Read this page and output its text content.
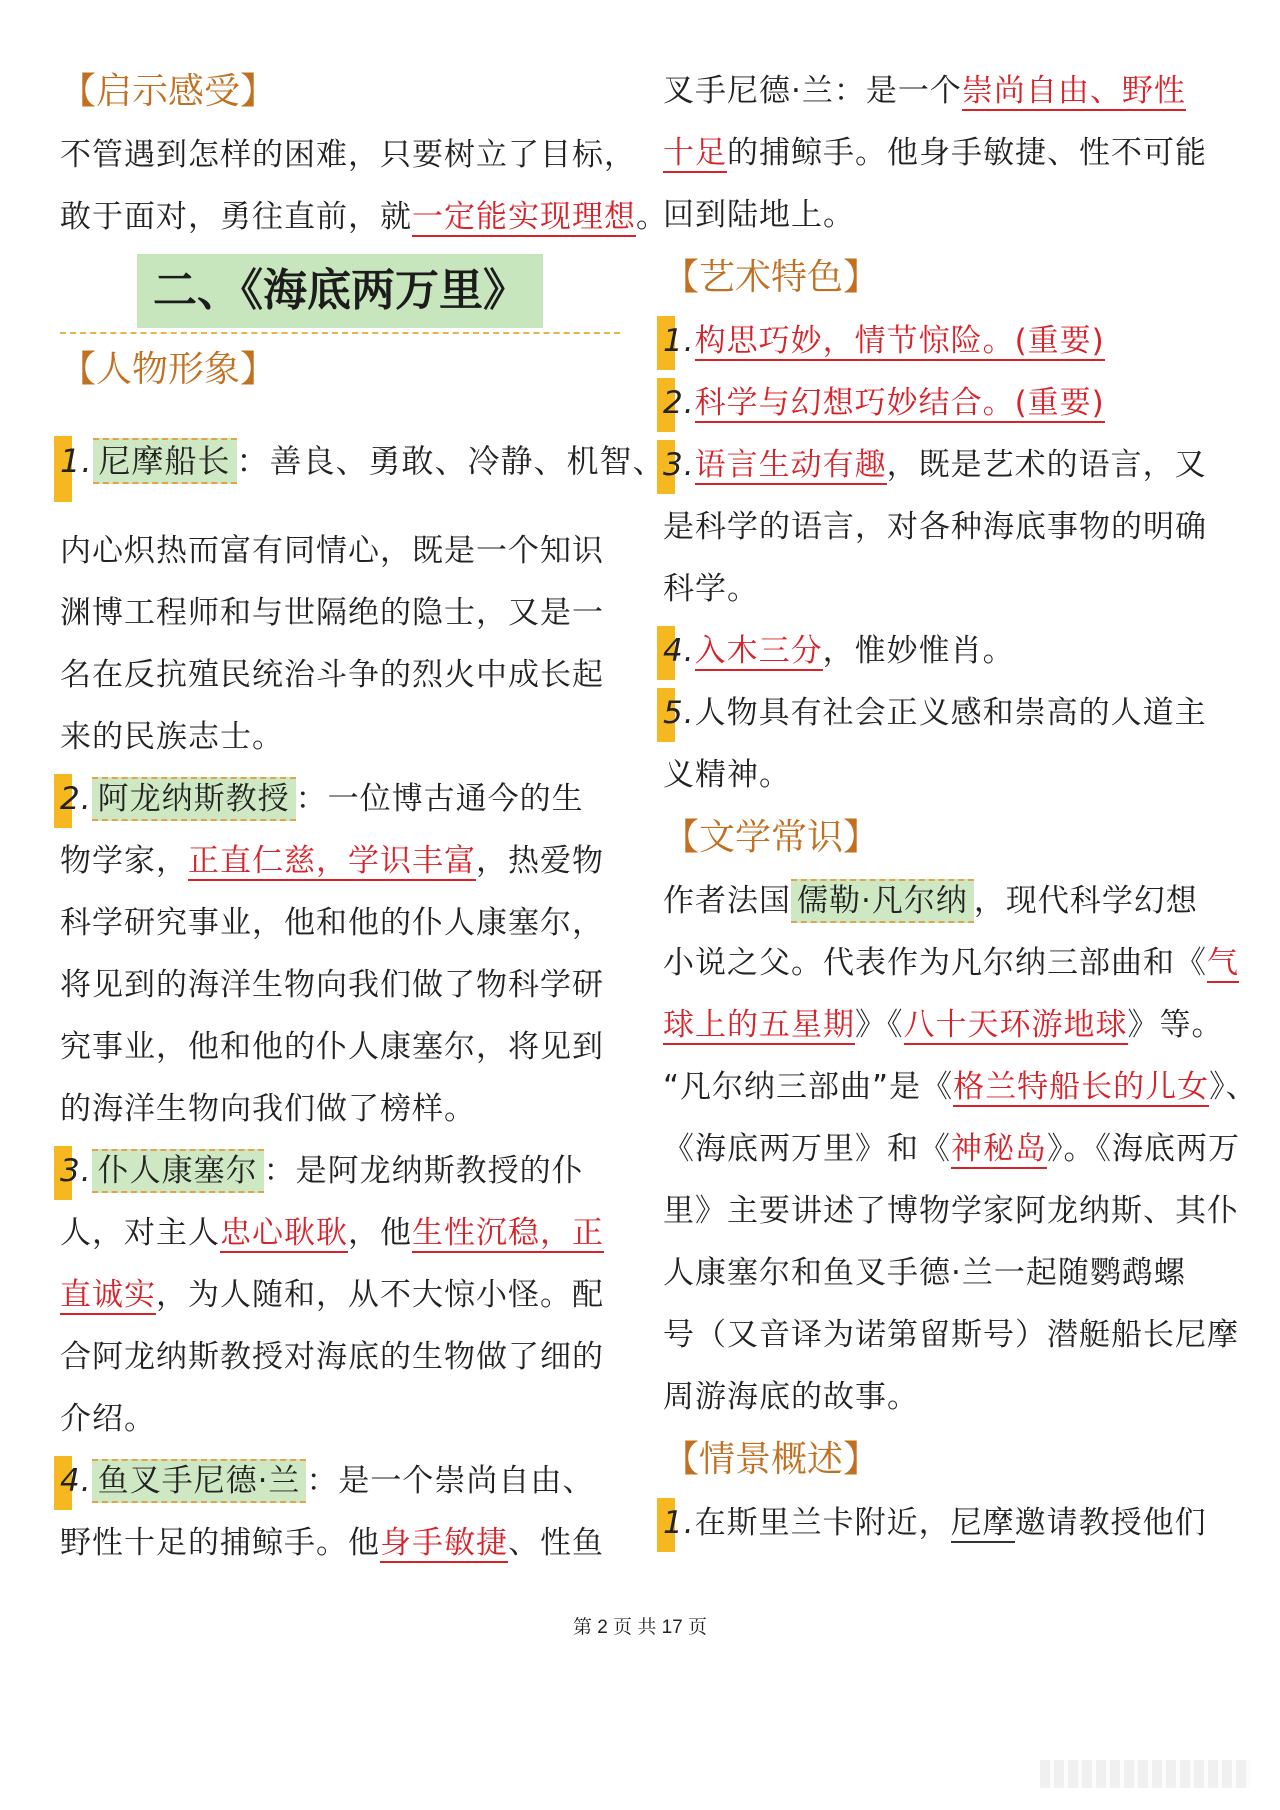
【启示感受】
不管遇到怎样的困难，只要树立了目标，
敢于面对，勇往直前，就一定能实现理想。
二、《海底两万里》
【人物形象】
1. 尼摩船长 ：善良、勇敢、冷静、机智、
内心炽热而富有同情心，既是一个知识
渊博工程师和与世隔绝的隐士，又是一
名在反抗殖民统治斗争的烈火中成长起
来的民族志士。
2. 阿龙纳斯教授 ：一位博古通今的生
物学家，正直仁慈，学识丰富，热爱物
科学研究事业，他和他的仆人康塞尔，
将见到的海洋生物向我们做了物科学研
究事业，他和他的仆人康塞尔，将见到
的海洋生物向我们做了榜样。
3. 仆人康塞尔 ：是阿龙纳斯教授的仆
人，对主人忠心耿耿，他生性沉稳，正
直诚实，为人随和，从不大惊小怪。配
合阿龙纳斯教授对海底的生物做了细的
介绍。
4. 鱼叉手尼德·兰 ：是一个崇尚自由、
野性十足的捕鲸手。他身手敏捷、性鱼
叉手尼德·兰：是一个崇尚自由、野性
十足的捕鲸手。他身手敏捷、性不可能
回到陆地上。
【艺术特色】
1.构思巧妙，情节惊险。(重要)
2.科学与幻想巧妙结合。(重要)
3.语言生动有趣，既是艺术的语言，又
是科学的语言，对各种海底事物的明确
科学。
4.入木三分，惟妙惟肖。
5.人物具有社会正义感和崇高的人道主
义精神。
【文学常识】
作者法国 儒勒·凡尔纳 ，现代科学幻想
小说之父。代表作为凡尔纳三部曲和《气
球上的五星期》《八十天环游地球》等。
“凡尔纳三部曲”是《格兰特船长的儿女》、
《海底两万里》和《神秘岛》。《海底两万
里》主要讲述了博物学家阿龙纳斯、其仆
人康塞尔和鱼叉手德·兰一起随鹦鹉螺
号（又音译为诺第留斯号）潜艇船长尼摩
周游海底的故事。
【情景概述】
1.在斯里兰卡附近，尼摩邀请教授他们
第 2 页 共 17 页
